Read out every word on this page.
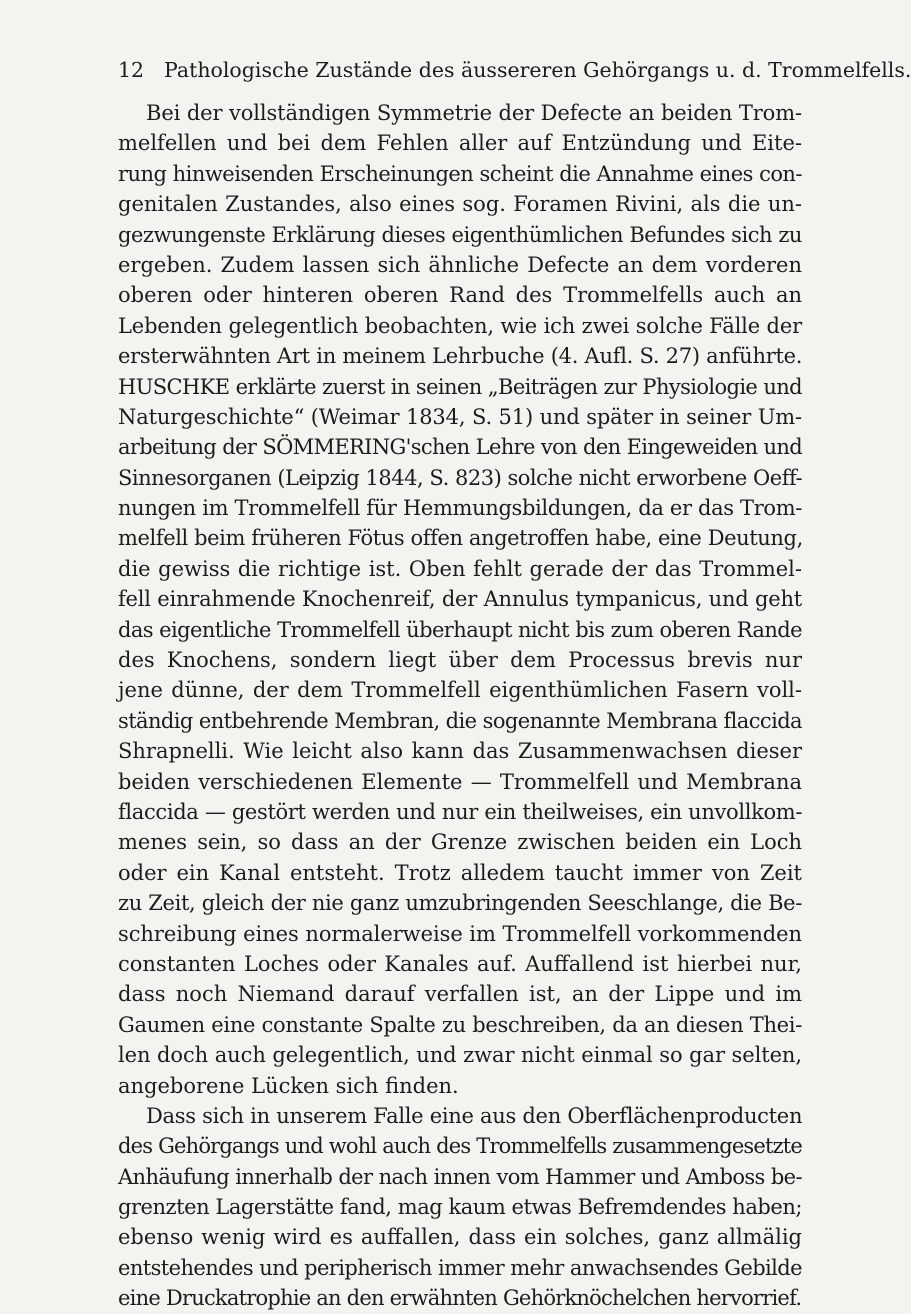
12 Pathologische Zustände des äussereren Gehörgangs u. d. Trommelfells.
Bei der vollständigen Symmetrie der Defecte an beiden Trom-
melfellen und bei dem Fehlen aller auf Entzündung und Eite-
rung hinweisenden Erscheinungen scheint die Annahme eines con-
genitalen Zustandes, also eines sog. Foramen Rivini, als die un-
gezwungenste Erklärung dieses eigenthümlichen Befundes sich zu
ergeben. Zudem lassen sich ähnliche Defecte an dem vorderen
oberen oder hinteren oberen Rand des Trommelfells auch an
Lebenden gelegentlich beobachten, wie ich zwei solche Fälle der
ersterwähnten Art in meinem Lehrbuche (4. Aufl. S. 27) anführte.
HUSCHKE erklärte zuerst in seinen „Beiträgen zur Physiologie und
Naturgeschichte“ (Weimar 1834, S. 51) und später in seiner Um-
arbeitung der SÖMMERING'schen Lehre von den Eingeweiden und
Sinnesorganen (Leipzig 1844, S. 823) solche nicht erworbene Oeff-
nungen im Trommelfell für Hemmungsbildungen, da er das Trom-
melfell beim früheren Fötus offen angetroffen habe, eine Deutung,
die gewiss die richtige ist. Oben fehlt gerade der das Trommel-
fell einrahmende Knochenreif, der Annulus tympanicus, und geht
das eigentliche Trommelfell überhaupt nicht bis zum oberen Rande
des Knochens, sondern liegt über dem Processus brevis nur
jene dünne, der dem Trommelfell eigenthümlichen Fasern voll-
ständig entbehrende Membran, die sogenannte Membrana flaccida
Shrapnelli. Wie leicht also kann das Zusammenwachsen dieser
beiden verschiedenen Elemente — Trommelfell und Membrana
flaccida — gestört werden und nur ein theilweises, ein unvollkom-
menes sein, so dass an der Grenze zwischen beiden ein Loch
oder ein Kanal entsteht. Trotz alledem taucht immer von Zeit
zu Zeit, gleich der nie ganz umzubringenden Seeschlange, die Be-
schreibung eines normalerweise im Trommelfell vorkommenden
constanten Loches oder Kanales auf. Auffallend ist hierbei nur,
dass noch Niemand darauf verfallen ist, an der Lippe und im
Gaumen eine constante Spalte zu beschreiben, da an diesen Thei-
len doch auch gelegentlich, und zwar nicht einmal so gar selten,
angeborene Lücken sich finden.
Dass sich in unserem Falle eine aus den Oberflächenproducten
des Gehörgangs und wohl auch des Trommelfells zusammengesetzte
Anhäufung innerhalb der nach innen vom Hammer und Amboss be-
grenzten Lagerstätte fand, mag kaum etwas Befremdendes haben;
ebenso wenig wird es auffallen, dass ein solches, ganz allmälig
entstehendes und peripherisch immer mehr anwachsendes Gebilde
eine Druckatrophie an den erwähnten Gehörknöchelchen hervorrief.
